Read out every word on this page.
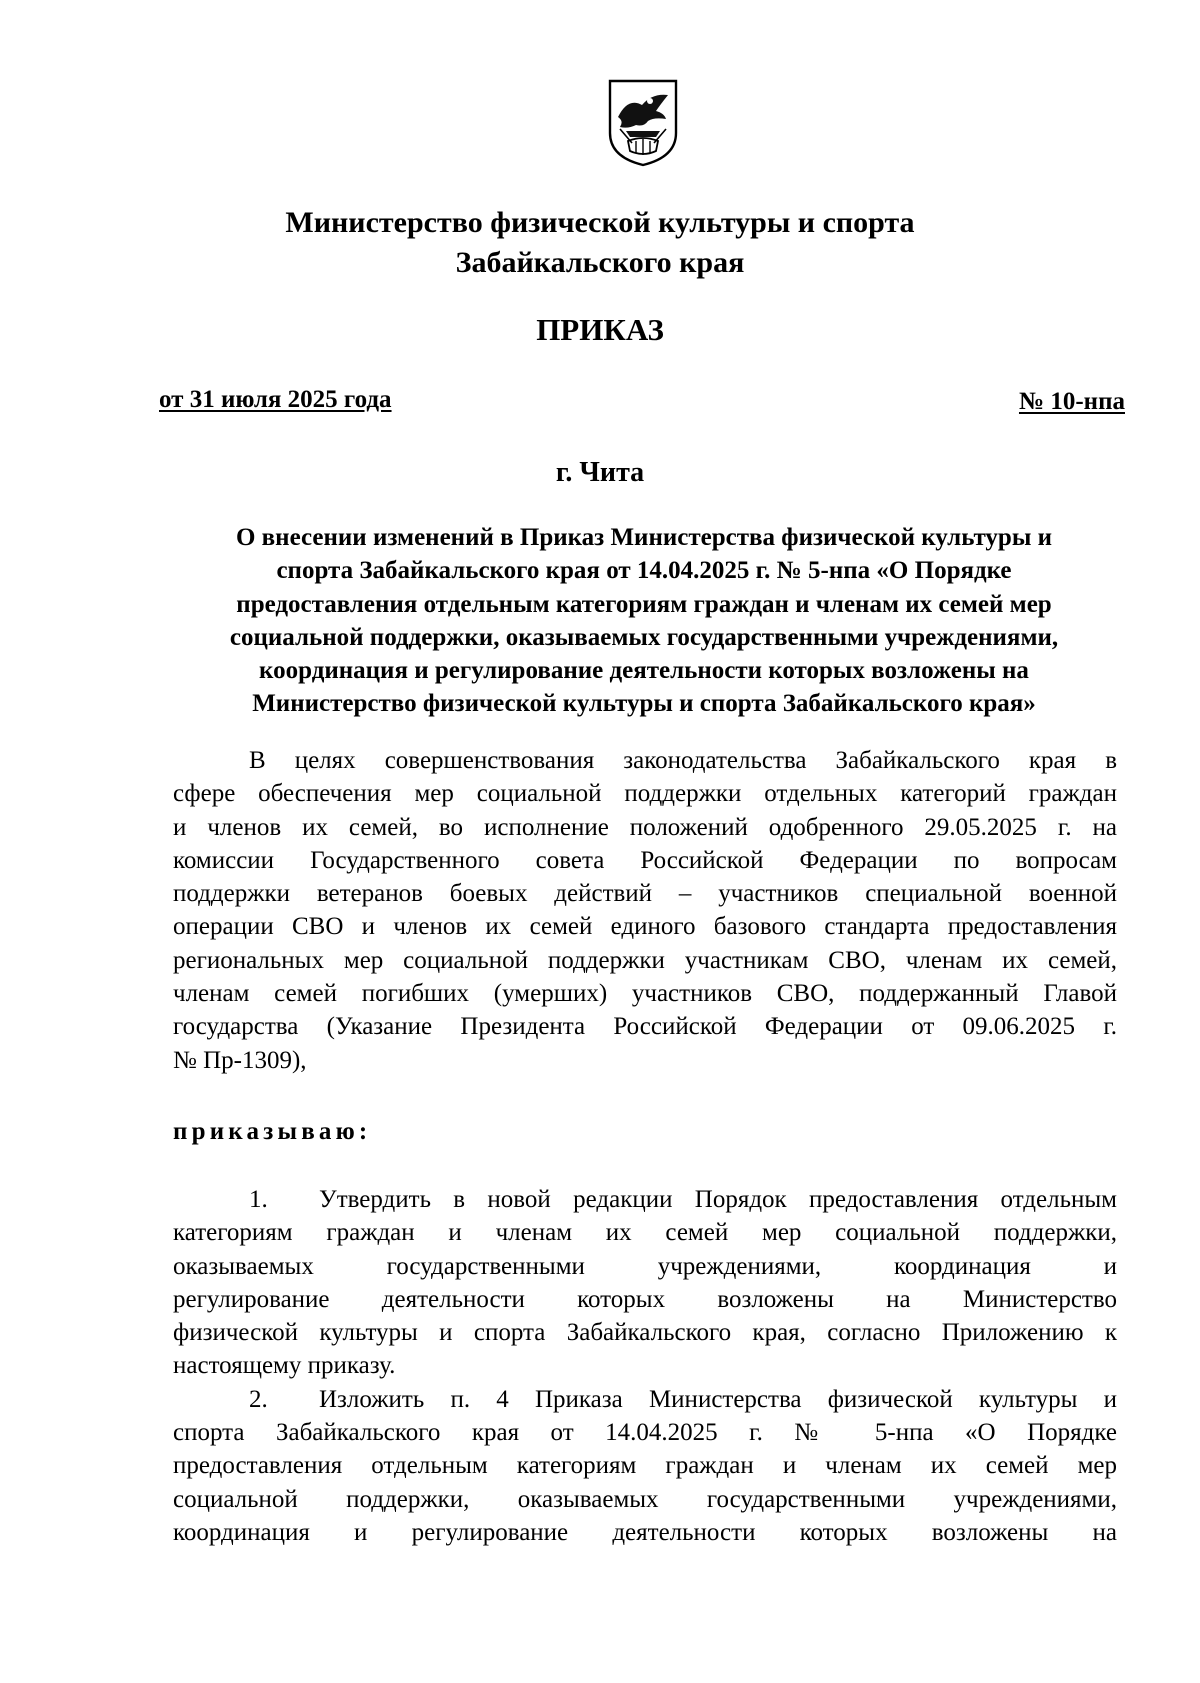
Министерство физической культуры и спорта
Забайкальского края
ПРИКАЗ
от 31 июля 2025 года	№ 10-нпа
г. Чита
О внесении изменений в Приказ Министерства физической культуры и
спорта Забайкальского края от 14.04.2025 г. № 5-нпа «О Порядке
предоставления отдельным категориям граждан и членам их семей мер
социальной поддержки, оказываемых государственными учреждениями,
координация и регулирование деятельности которых возложены на
Министерство физической культуры и спорта Забайкальского края»
В целях совершенствования законодательства Забайкальского края в
сфере обеспечения мер социальной поддержки отдельных категорий граждан
и членов их семей, во исполнение положений одобренного 29.05.2025 г. на
комиссии Государственного совета Российской Федерации по вопросам
поддержки ветеранов боевых действий – участников специальной военной
операции СВО и членов их семей единого базового стандарта предоставления
региональных мер социальной поддержки участникам СВО, членам их семей,
членам семей погибших (умерших) участников СВО, поддержанный Главой
государства (Указание Президента Российской Федерации от 09.06.2025 г.
№ Пр-1309),
приказываю:
1. Утвердить в новой редакции Порядок предоставления отдельным
категориям граждан и членам их семей мер социальной поддержки,
оказываемых государственными учреждениями, координация и
регулирование деятельности которых возложены на Министерство
физической культуры и спорта Забайкальского края, согласно Приложению к
настоящему приказу.
2. Изложить п. 4 Приказа Министерства физической культуры и
спорта Забайкальского края от 14.04.2025 г. № 5-нпа «О Порядке
предоставления отдельным категориям граждан и членам их семей мер
социальной поддержки, оказываемых государственными учреждениями,
координация и регулирование деятельности которых возложены на
